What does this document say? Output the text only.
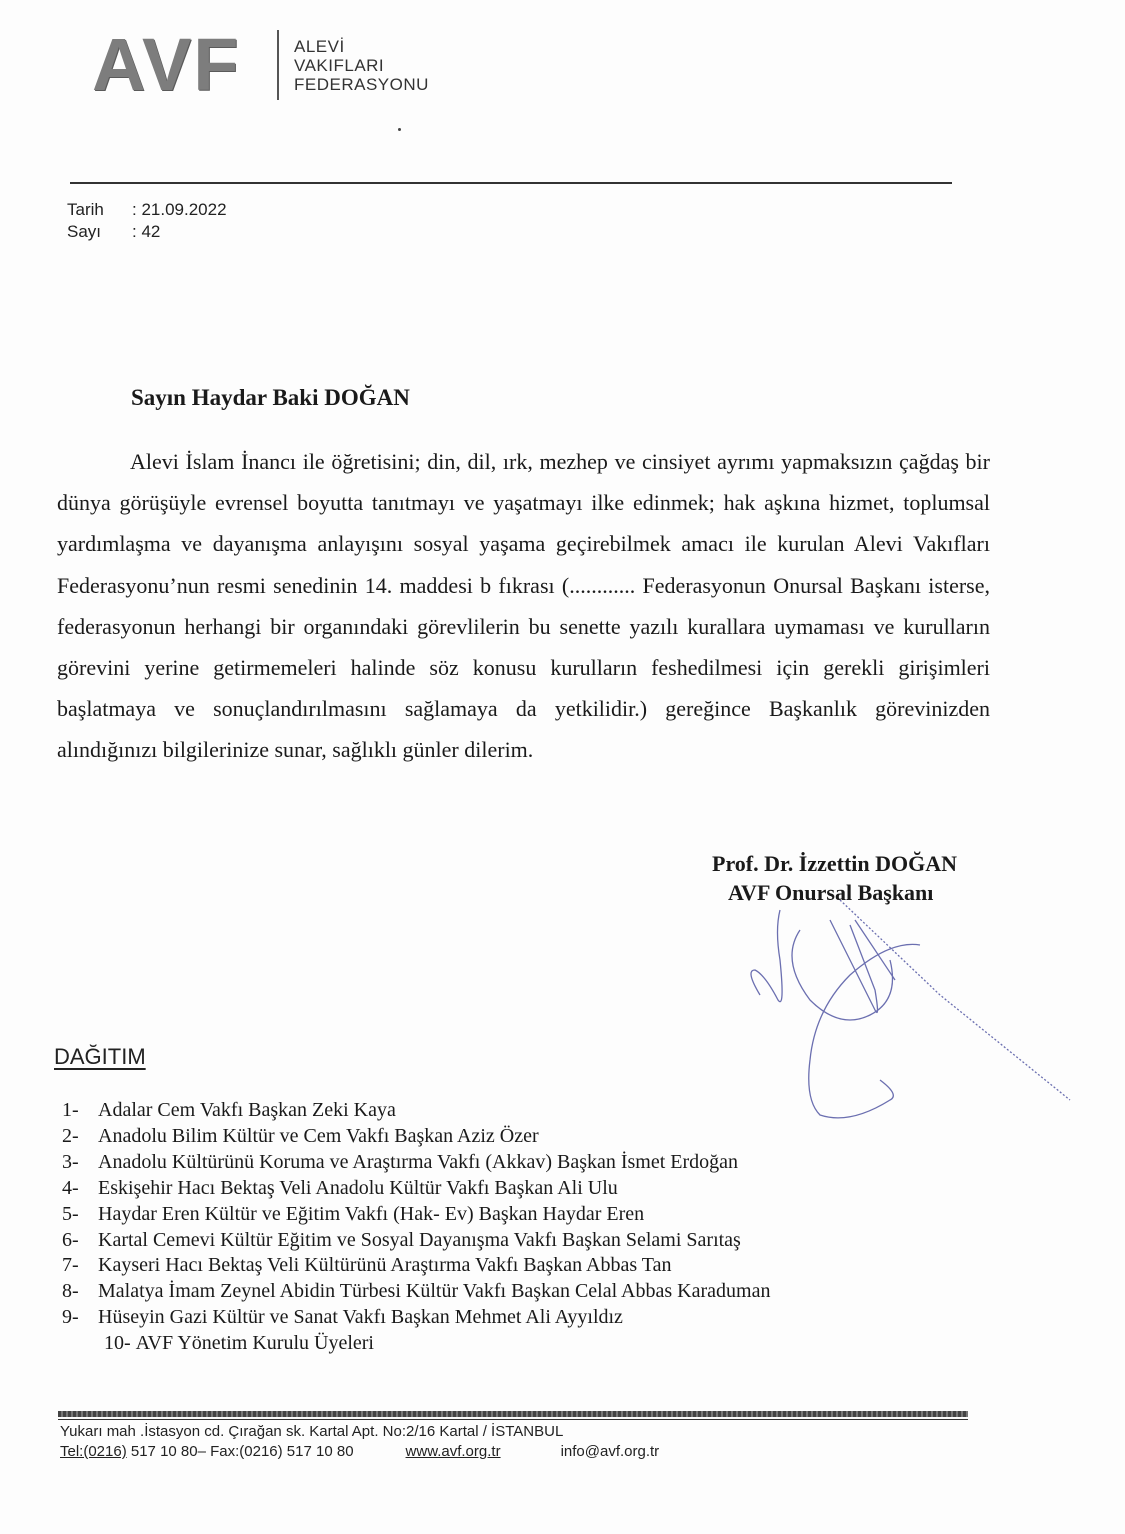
AVF	ALEVİ
VAKIFLARI
FEDERASYONU
Tarih	: 21.09.2022
Sayı	: 42
Sayın Haydar Baki DOĞAN
Alevi İslam İnancı ile öğretisini; din, dil, ırk, mezhep ve cinsiyet ayrımı yapmaksızın çağdaş bir dünya görüşüyle evrensel boyutta tanıtmayı ve yaşatmayı ilke edinmek; hak aşkına hizmet, toplumsal yardımlaşma ve dayanışma anlayışını sosyal yaşama geçirebilmek amacı ile kurulan Alevi Vakıfları Federasyonu’nun resmi senedinin 14. maddesi b fıkrası (............ Federasyonun Onursal Başkanı isterse, federasyonun herhangi bir organındaki görevlilerin bu senette yazılı kurallara uymaması ve kurulların görevini yerine getirmemeleri halinde söz konusu kurulların feshedilmesi için gerekli girişimleri başlatmaya ve sonuçlandırılmasını sağlamaya da yetkilidir.) gereğince Başkanlık görevinizden alındığınızı bilgilerinize sunar, sağlıklı günler dilerim.
Prof. Dr. İzzettin DOĞAN
AVF Onursal Başkanı
DAĞITIM
1- Adalar Cem Vakfı Başkan Zeki Kaya
2- Anadolu Bilim Kültür ve Cem Vakfı Başkan Aziz Özer
3- Anadolu Kültürünü Koruma ve Araştırma Vakfı (Akkav) Başkan İsmet Erdoğan
4- Eskişehir Hacı Bektaş Veli Anadolu Kültür Vakfı Başkan Ali Ulu
5- Haydar Eren Kültür ve Eğitim Vakfı (Hak- Ev) Başkan Haydar Eren
6- Kartal Cemevi Kültür Eğitim ve Sosyal Dayanışma Vakfı Başkan Selami Sarıtaş
7- Kayseri Hacı Bektaş Veli Kültürünü Araştırma Vakfı Başkan Abbas Tan
8- Malatya İmam Zeynel Abidin Türbesi Kültür Vakfı Başkan Celal Abbas Karaduman
9- Hüseyin Gazi Kültür ve Sanat Vakfı Başkan Mehmet Ali Ayyıldız
10- AVF Yönetim Kurulu Üyeleri
Yukarı mah .İstasyon cd. Çırağan sk. Kartal Apt. No:2/16 Kartal / İSTANBUL
Tel:(0216) 517 10 80– Fax:(0216) 517 10 80	www.avf.org.tr	info@avf.org.tr
